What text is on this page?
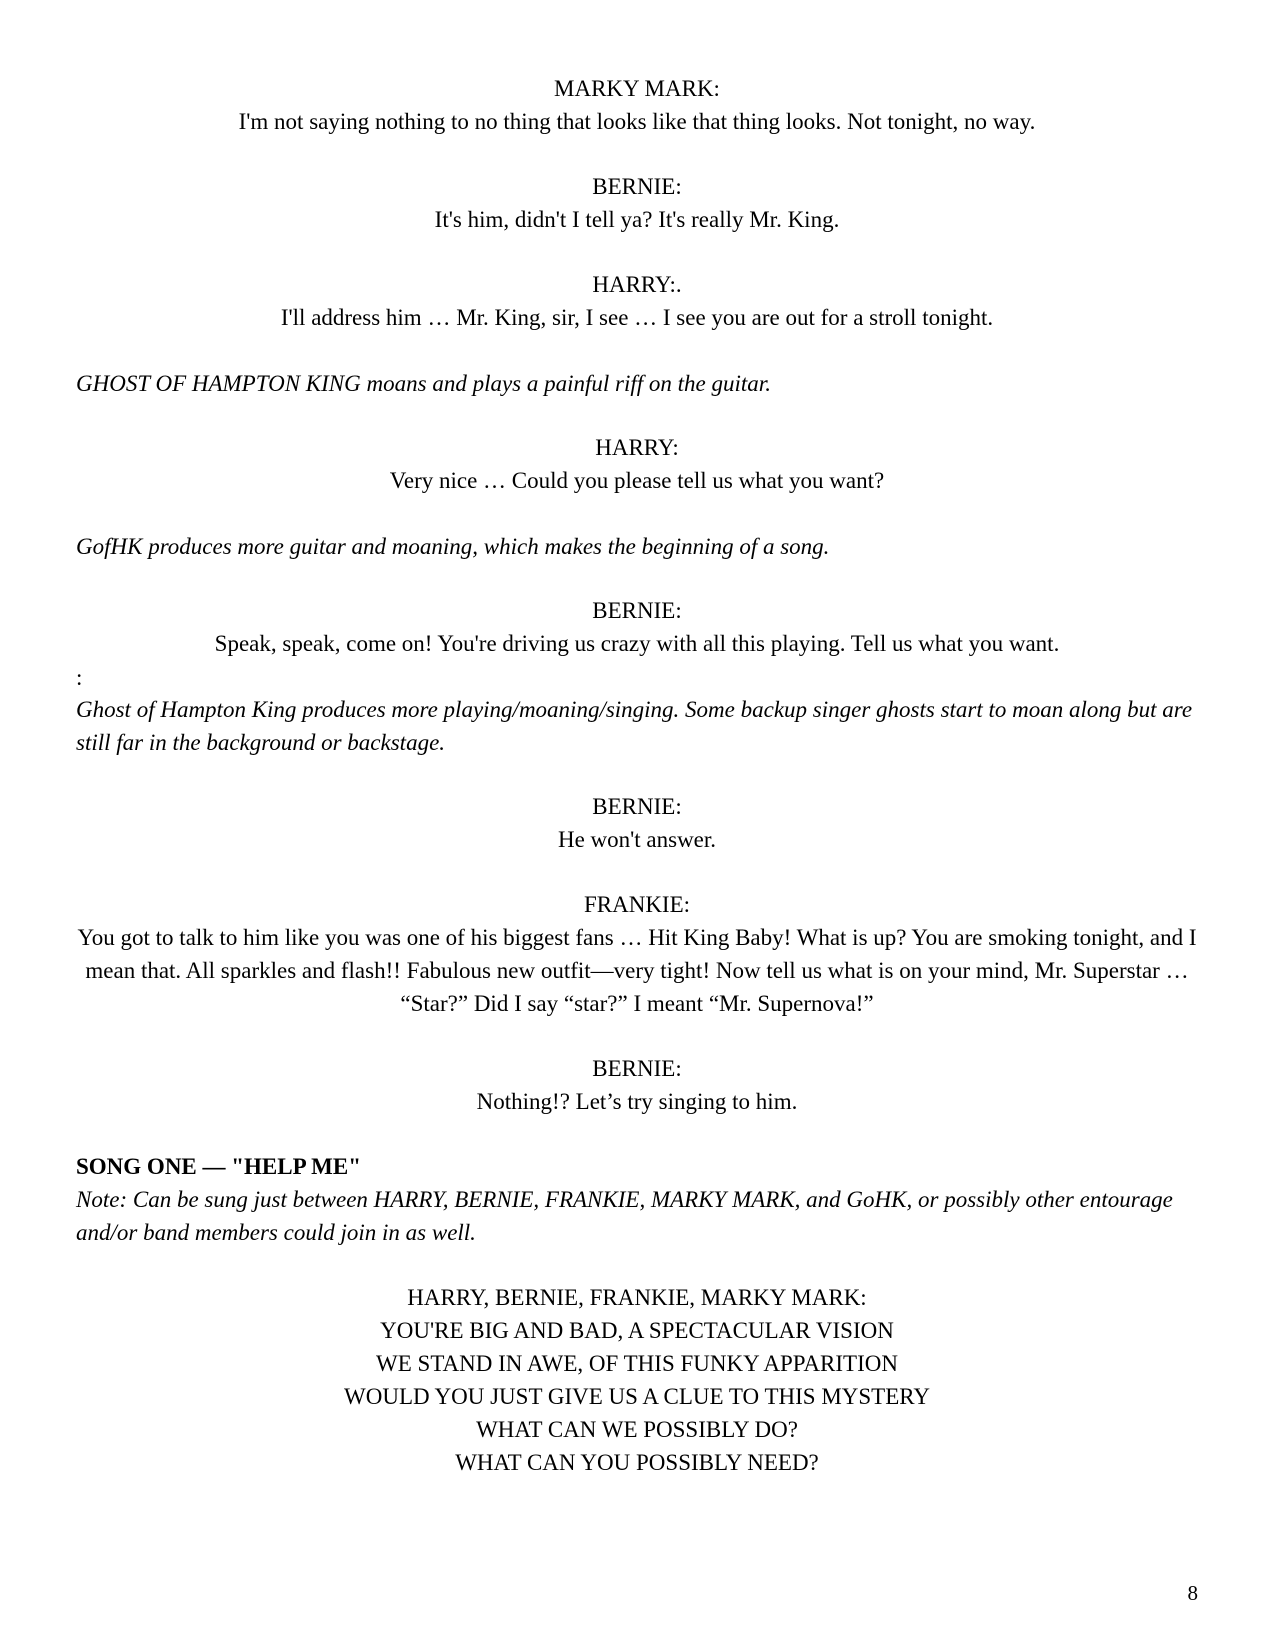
MARKY MARK:
I'm not saying nothing to no thing that looks like that thing looks. Not tonight, no way.
BERNIE:
It's him, didn't I tell ya? It's really Mr. King.
HARRY:.
I'll address him … Mr. King, sir, I see … I see you are out for a stroll tonight.
GHOST OF HAMPTON KING moans and plays a painful riff on the guitar.
HARRY:
Very nice … Could you please tell us what you want?
GofHK produces more guitar and moaning, which makes the beginning of a song.
BERNIE:
Speak, speak, come on! You're driving us crazy with all this playing. Tell us what you want.
:
Ghost of Hampton King produces more playing/moaning/singing. Some backup singer ghosts start to moan along but are still far in the background or backstage.
BERNIE:
He won't answer.
FRANKIE:
You got to talk to him like you was one of his biggest fans … Hit King Baby! What is up? You are smoking tonight, and I mean that. All sparkles and flash!! Fabulous new outfit—very tight! Now tell us what is on your mind, Mr. Superstar … “Star?” Did I say “star?” I meant “Mr. Supernova!”
BERNIE:
Nothing!? Let’s try singing to him.
SONG ONE — "HELP ME"
Note: Can be sung just between HARRY, BERNIE, FRANKIE, MARKY MARK, and GoHK, or possibly other entourage and/or band members could join in as well.
HARRY, BERNIE, FRANKIE, MARKY MARK:
YOU'RE BIG AND BAD, A SPECTACULAR VISION
WE STAND IN AWE, OF THIS FUNKY APPARITION
WOULD YOU JUST GIVE US A CLUE TO THIS MYSTERY
WHAT CAN WE POSSIBLY DO?
WHAT CAN YOU POSSIBLY NEED?
8
